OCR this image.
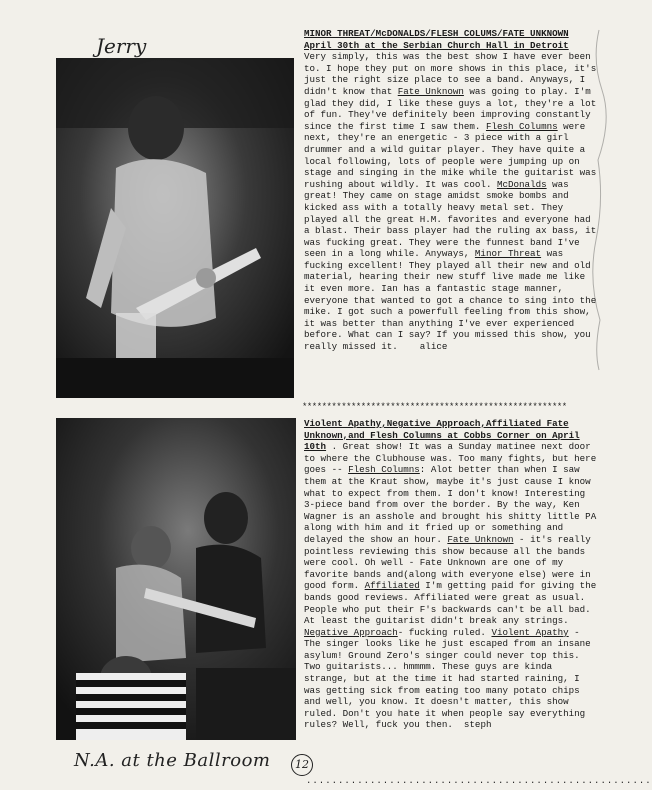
Jerry
MINOR THREAT/McDONALDS/FLESH COLUMS/FATE UNKNOWN
April 30th at the Serbian Church Hall in Detroit

Very simply, this was the best show I have ever been to. I hope they put on more shows in this place, it's just the right size place to see a band. Anyways, I didn't know that Fate Unknown was going to play. I'm glad they did, I like these guys a lot, they're a lot of fun. They've definitely been improving constantly since the first time I saw them. Flesh Columns were next, they're an energetic - 3 piece with a girl drummer and a wild guitar player. They have quite a local following, lots of people were jumping up on stage and singing in the mike while the guitarist was rushing about wildly. It was cool. McDonalds was great! They came on stage amidst smoke bombs and kicked ass with a totally heavy metal set. They played all the great H.M. favorites and everyone had a blast. Their bass player had the ruling ax bass, it was fucking great. They were the funnest band I've seen in a long while. Anyways, Minor Threat was fucking excellent! They played all their new and old material, hearing their new stuff live made me like it even more. Ian has a fantastic stage manner, everyone that wanted to got a chance to sing into the mike. I got such a powerfull feeling from this show, it was better than anything I've ever experienced before. What can I say? If you missed this show, you really missed it. alice

******************************************************

Violent Apathy,Negative Approach,Affiliated Fate Unknown,and Flesh Columns at Cobbs Corner on April 10th . Great show! It was a Sunday matinee next door to where the Clubhouse was. Too many fights, but here goes -- Flesh Columns: Alot better than when I saw them at the Kraut show, maybe it's just cause I know what to expect from them. I don't know! Interesting 3-piece band from over the border. By the way, Ken Wagner is an asshole and brought his shitty little PA along with him and it fried up or something and delayed the show an hour. Fate Unknown - it's really pointless reviewing this show because all the bands were cool. Oh well - Fate Unknown are one of my favorite bands and(along with everyone else) were in good form. Affiliated I'm getting paid for giving the bands good reviews. Affiliated were great as usual. People who put their F's backwards can't be all bad. At least the guitarist didn't break any strings. Negative Approach- fucking ruled. Violent Apathy - The singer looks like he just escaped from an insane asylum! Ground Zero's singer could never top this. Two guitarists... hmmmm. These guys are kinda strange, but at the time it had started raining, I was getting sick from eating too many potato chips and well, you know. It doesn't matter, this show ruled. Don't you hate it when people say everything rules? Well, fuck you then. steph

N.A. at the Ballroom	12
......................................................
